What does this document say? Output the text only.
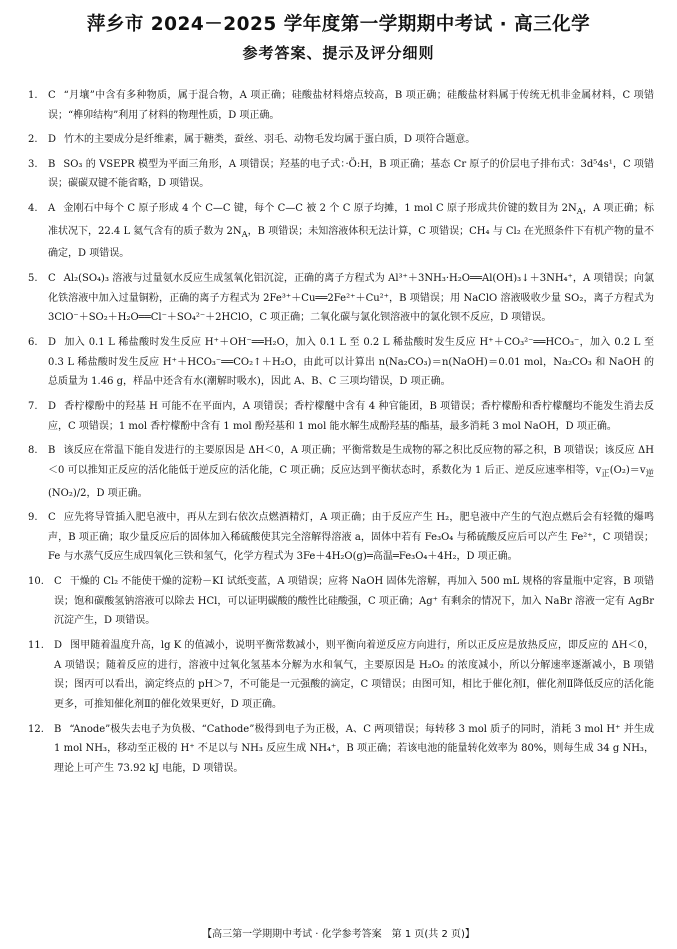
萍乡市 2024－2025 学年度第一学期期中考试 · 高三化学
参考答案、提示及评分细则
1. C “月壤”中含有多种物质，属于混合物，A 项正确；硅酸盐材料熔点较高，B 项正确；硅酸盐材料属于传统无机非金属材料，C 项错误；“榫卯结构”利用了材料的物理性质，D 项正确。
2. D 竹木的主要成分是纤维素，属于糖类，蚕丝、羽毛、动物毛发均属于蛋白质，D 项符合题意。
3. B SO₃ 的 VSEPR 模型为平面三角形，A 项错误；羟基的电子式：·Ö:H，B 项正确；基态 Cr 原子的价层电子排布式：3d⁵4s¹，C 项错误；碳碳双键不能省略，D 项错误。
4. A 金刚石中每个 C 原子形成 4 个 C—C 键，每个 C—C 被 2 个 C 原子均摊，1 mol C 原子形成共价键的数目为 $2N_A$，A 项正确；标准状况下，22.4 L 氦气含有的质子数为 $2N_A$，B 项错误；未知溶液体积无法计算，C 项错误；CH₄ 与 Cl₂ 在光照条件下有机产物的量不确定，D 项错误。
5. C Al₂(SO₄)₃ 溶液与过量氨水反应生成氢氧化铝沉淀，正确的离子方程式为 Al³⁺＋3NH₃·H₂O══Al(OH)₃↓＋3NH₄⁺，A 项错误；向氯化铁溶液中加入过量铜粉，正确的离子方程式为 2Fe³⁺＋Cu══2Fe²⁺＋Cu²⁺，B 项错误；用 NaClO 溶液吸收少量 SO₂，离子方程式为 3ClO⁻＋SO₂＋H₂O══Cl⁻＋SO₄²⁻＋2HClO，C 项正确；二氧化碳与氯化钡溶液中的氯化钡不反应，D 项错误。
6. D 加入 0.1 L 稀盐酸时发生反应 H⁺＋OH⁻══H₂O，加入 0.1 L 至 0.2 L 稀盐酸时发生反应 H⁺＋CO₃²⁻══HCO₃⁻，加入 0.2 L 至 0.3 L 稀盐酸时发生反应 H⁺＋HCO₃⁻══CO₂↑＋H₂O，由此可以计算出 n(Na₂CO₃)＝n(NaOH)＝0.01 mol，Na₂CO₃ 和 NaOH 的总质量为 1.46 g，样品中还含有水(潮解时吸水)，因此 A、B、C 三项均错误，D 项正确。
7. D 香柠檬酚中的羟基 H 可能不在平面内，A 项错误；香柠檬醚中含有 4 种官能团，B 项错误；香柠檬酚和香柠檬醚均不能发生消去反应，C 项错误；1 mol 香柠檬酚中含有 1 mol 酚羟基和 1 mol 能水解生成酚羟基的酯基，最多消耗 3 mol NaOH，D 项正确。
8. B 该反应在常温下能自发进行的主要原因是 ΔH＜0，A 项正确；平衡常数是生成物的幂之积比反应物的幂之积，B 项错误；该反应 ΔH＜0 可以推知正反应的活化能低于逆反应的活化能，C 项正确；反应达到平衡状态时，系数化为 1 后正、逆反应速率相等，$v_正(O_2)=v_逆(NO_2)/2$，D 项正确。
9. C 应先将导管插入肥皂液中，再从左到右依次点燃酒精灯，A 项正确；由于反应产生 H₂，肥皂液中产生的气泡点燃后会有轻微的爆鸣声，B 项正确；取少量反应后的固体加入稀硫酸使其完全溶解得溶液 a，固体中若有 Fe₃O₄ 与稀硫酸反应后可以产生 Fe²⁺，C 项错误；Fe 与水蒸气反应生成四氧化三铁和氢气，化学方程式为 3Fe＋4H₂O(g)═高温═Fe₃O₄＋4H₂，D 项正确。
10. C 干燥的 Cl₂ 不能使干燥的淀粉－KI 试纸变蓝，A 项错误；应将 NaOH 固体先溶解，再加入 500 mL 规格的容量瓶中定容，B 项错误；饱和碳酸氢钠溶液可以除去 HCl，可以证明碳酸的酸性比硅酸强，C 项正确；Ag⁺ 有剩余的情况下，加入 NaBr 溶液一定有 AgBr 沉淀产生，D 项错误。
11. D 图甲随着温度升高，lg K 的值减小，说明平衡常数减小，则平衡向着逆反应方向进行，所以正反应是放热反应，即反应的 ΔH＜0，A 项错误；随着反应的进行，溶液中过氧化氢基本分解为水和氧气，主要原因是 H₂O₂ 的浓度减小，所以分解速率逐渐减小，B 项错误；图丙可以看出，滴定终点的 pH＞7，不可能是一元强酸的滴定，C 项错误；由图可知，相比于催化剂Ⅰ，催化剂Ⅱ降低反应的活化能更多，可推知催化剂Ⅱ的催化效果更好，D 项正确。
12. B “Anode”极失去电子为负极、“Cathode”极得到电子为正极，A、C 两项错误；每转移 3 mol 质子的同时，消耗 3 mol H⁺ 并生成 1 mol NH₃，移动至正极的 H⁺ 不足以与 NH₃ 反应生成 NH₄⁺，B 项正确；若该电池的能量转化效率为 80%，则每生成 34 g NH₃，理论上可产生 73.92 kJ 电能，D 项错误。
【高三第一学期期中考试 · 化学参考答案　第 1 页(共 2 页)】
